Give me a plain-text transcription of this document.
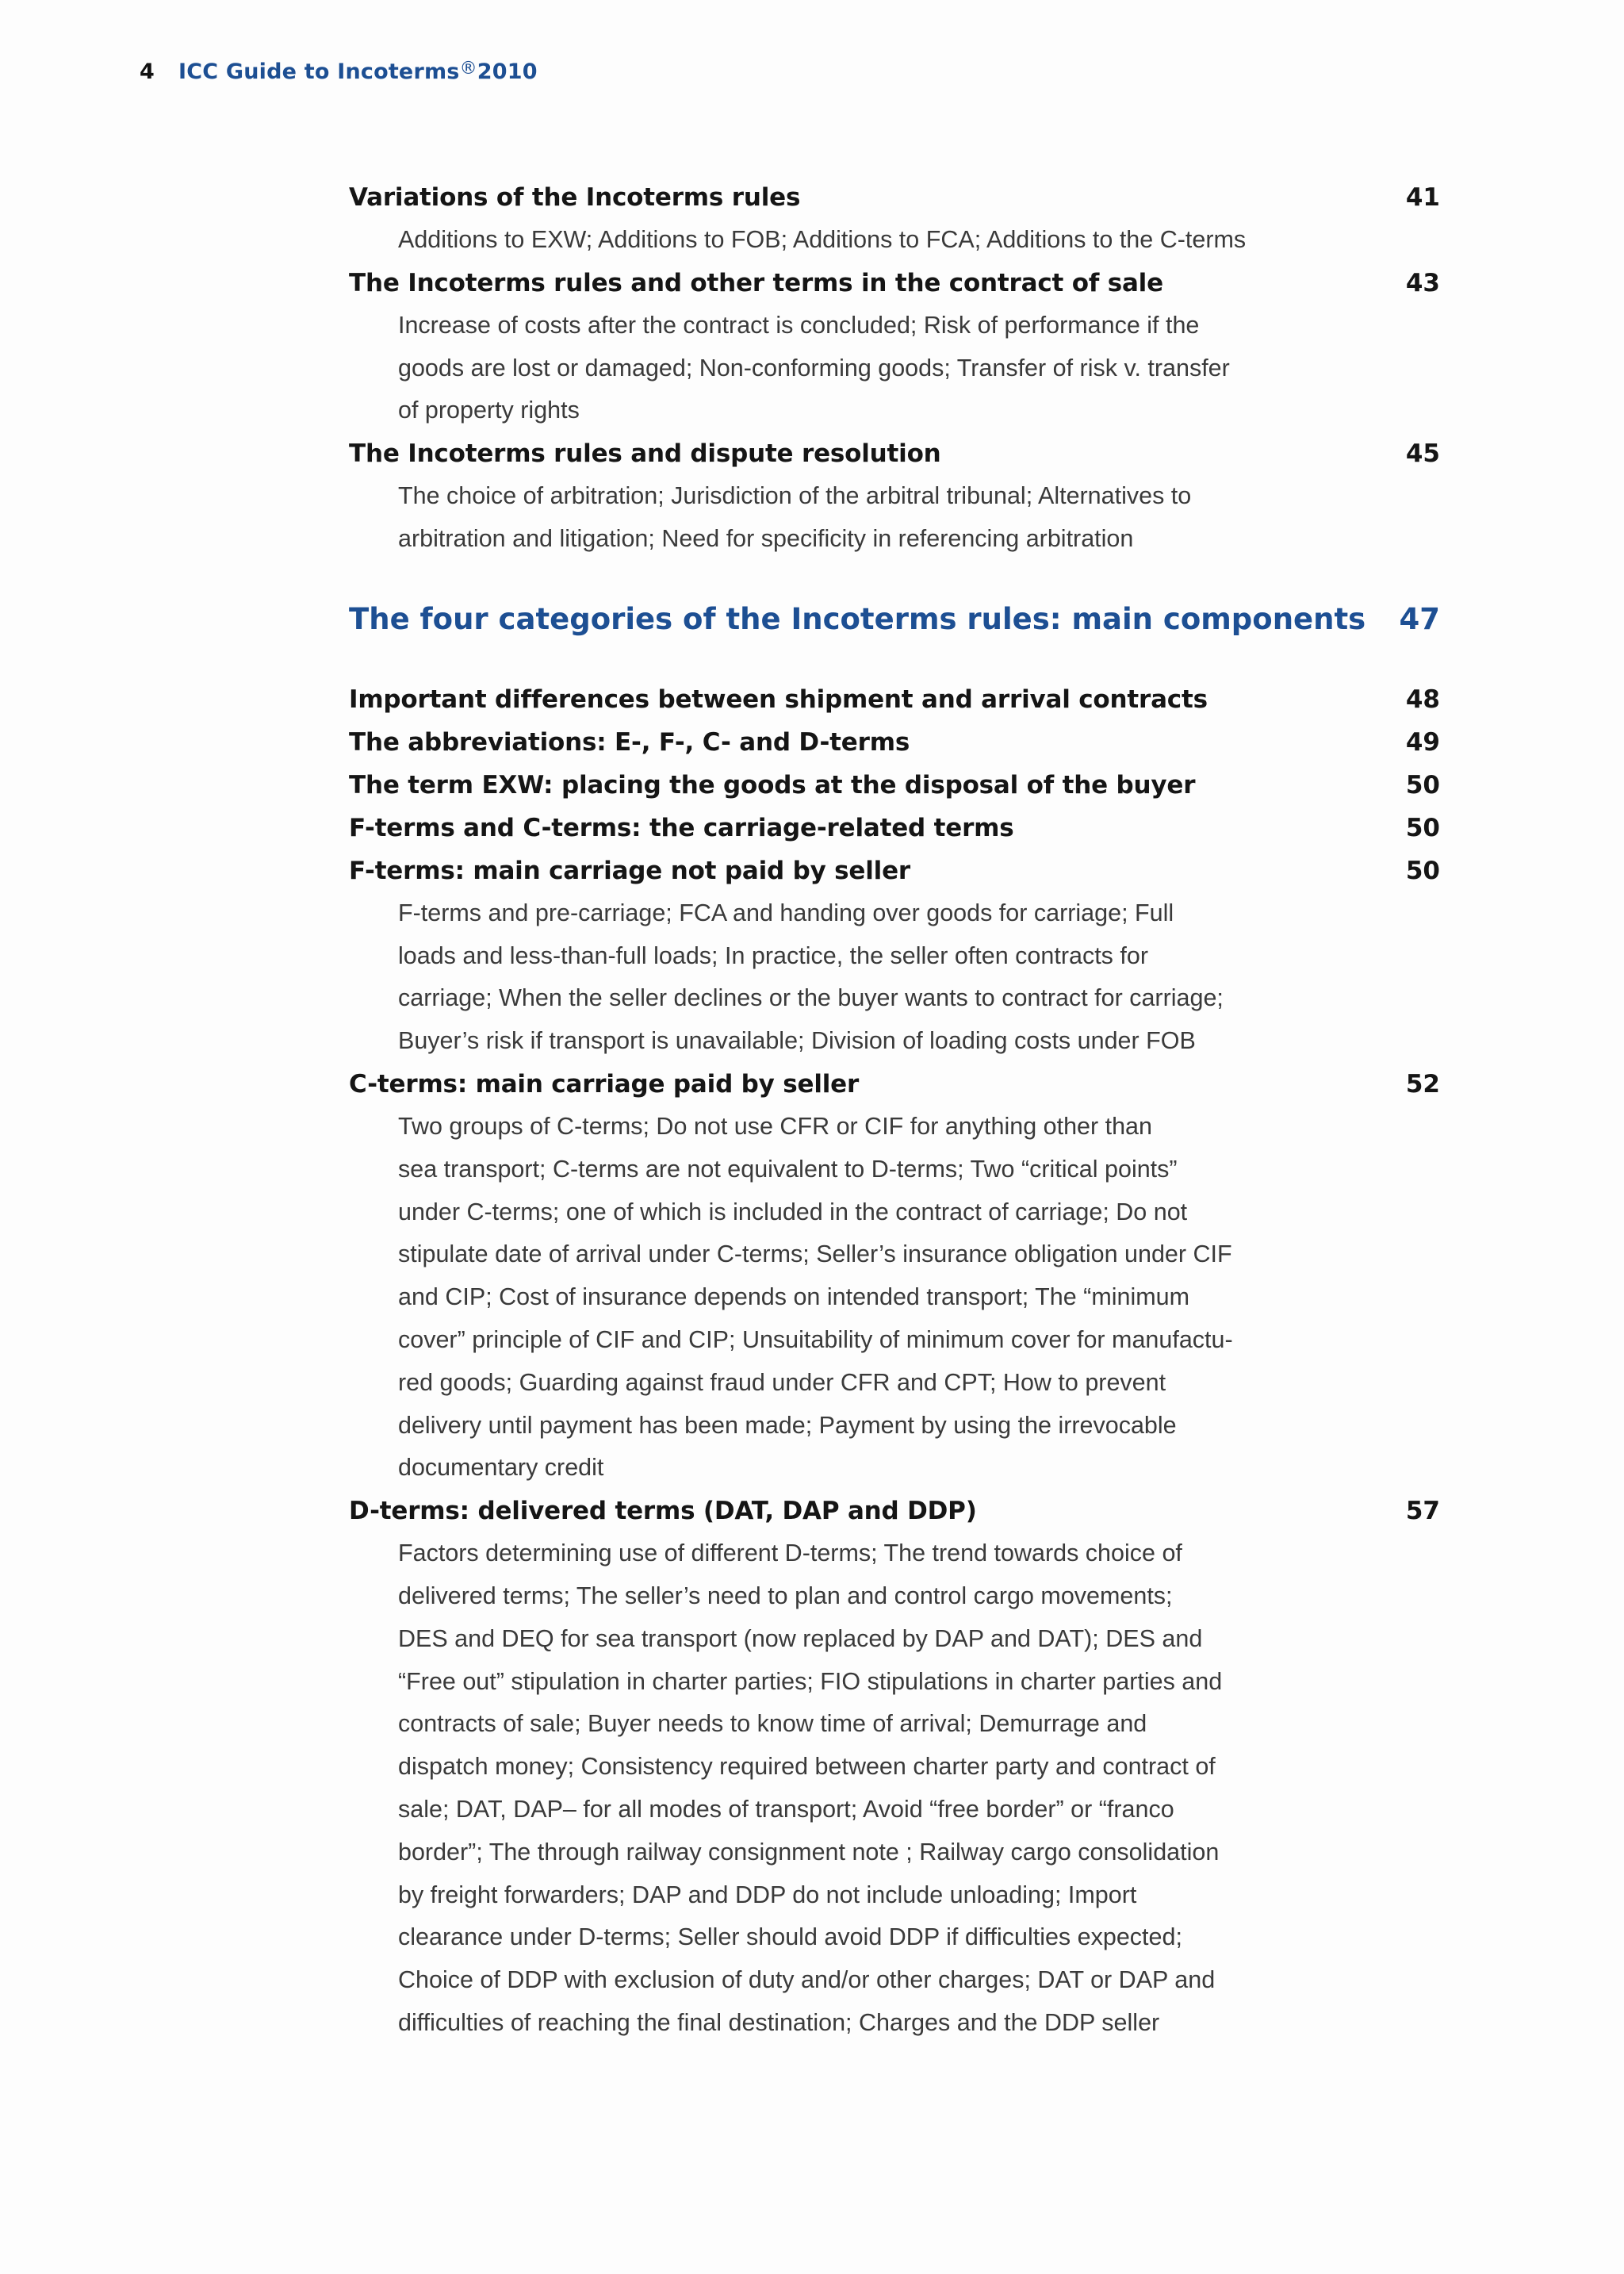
4 ICC Guide to Incoterms®2010
Variations of the Incoterms rules	41
Additions to EXW; Additions to FOB; Additions to FCA; Additions to the C-terms
The Incoterms rules and other terms in the contract of sale	43
Increase of costs after the contract is concluded; Risk of performance if the
goods are lost or damaged; Non-conforming goods; Transfer of risk v. transfer
of property rights
The Incoterms rules and dispute resolution	45
The choice of arbitration; Jurisdiction of the arbitral tribunal; Alternatives to
arbitration and litigation; Need for specificity in referencing arbitration
The four categories of the Incoterms rules: main components 47
Important differences between shipment and arrival contracts	48
The abbreviations: E-, F-, C- and D-terms	49
The term EXW: placing the goods at the disposal of the buyer	50
F-terms and C-terms: the carriage-related terms	50
F-terms: main carriage not paid by seller	50
F-terms and pre-carriage; FCA and handing over goods for carriage; Full
loads and less-than-full loads; In practice, the seller often contracts for
carriage; When the seller declines or the buyer wants to contract for carriage;
Buyer’s risk if transport is unavailable; Division of loading costs under FOB
C-terms: main carriage paid by seller	52
Two groups of C-terms; Do not use CFR or CIF for anything other than
sea transport; C-terms are not equivalent to D-terms; Two “critical points”
under C-terms; one of which is included in the contract of carriage; Do not
stipulate date of arrival under C-terms; Seller’s insurance obligation under CIF
and CIP; Cost of insurance depends on intended transport; The “minimum
cover” principle of CIF and CIP; Unsuitability of minimum cover for manufactu-
red goods; Guarding against fraud under CFR and CPT; How to prevent
delivery until payment has been made; Payment by using the irrevocable
documentary credit
D-terms: delivered terms (DAT, DAP and DDP)	57
Factors determining use of different D-terms; The trend towards choice of
delivered terms; The seller’s need to plan and control cargo movements;
DES and DEQ for sea transport (now replaced by DAP and DAT); DES and
“Free out” stipulation in charter parties; FIO stipulations in charter parties and
contracts of sale; Buyer needs to know time of arrival; Demurrage and
dispatch money; Consistency required between charter party and contract of
sale; DAT, DAP– for all modes of transport; Avoid “free border” or “franco
border”; The through railway consignment note ; Railway cargo consolidation
by freight forwarders; DAP and DDP do not include unloading; Import
clearance under D-terms; Seller should avoid DDP if difficulties expected;
Choice of DDP with exclusion of duty and/or other charges; DAT or DAP and
difficulties of reaching the final destination; Charges and the DDP seller
